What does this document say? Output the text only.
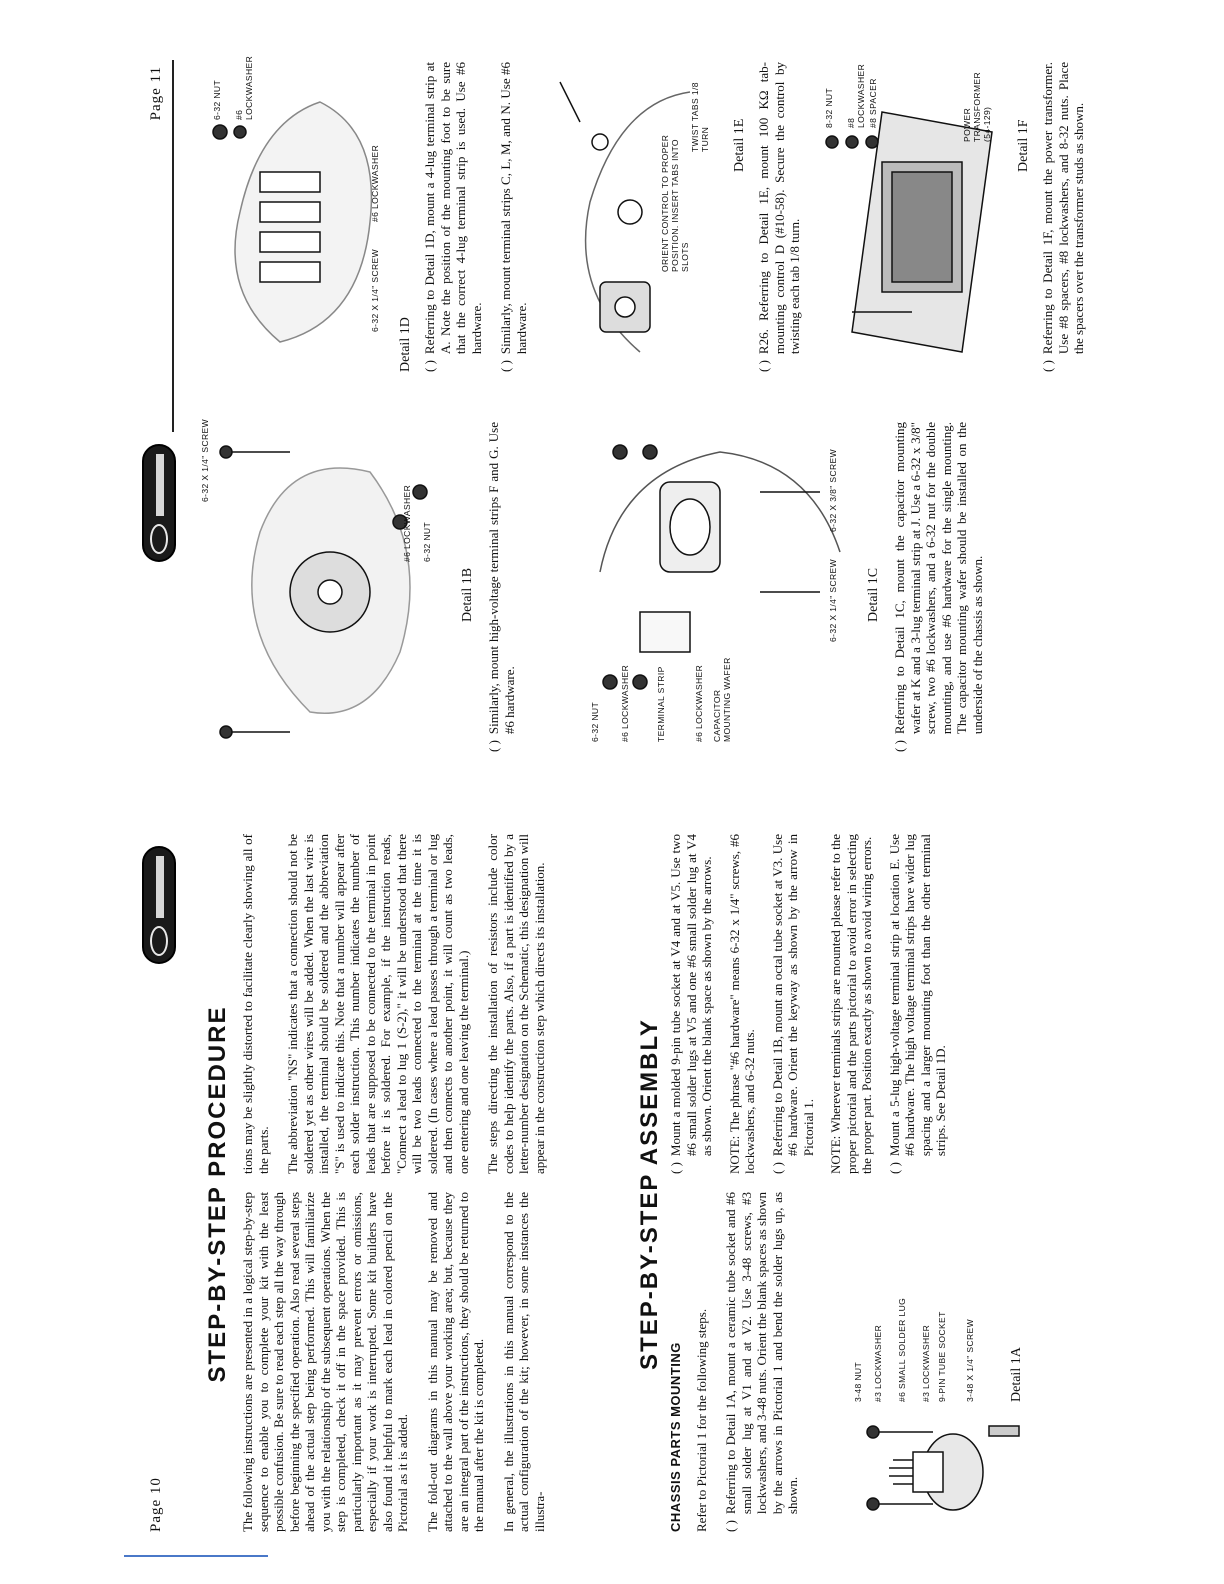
Page 10
STEP-BY-STEP PROCEDURE The following instructions are presented in a logical step-by-step sequence to enable you to complete your kit with the least possible confusion. Be sure to read each step all the way through before beginning the specified operation. Also read several steps ahead of the actual step being performed. This will familiarize you with the relationship of the subsequent operations. When the step is completed, check it off in the space provided. This is particularly important as it may prevent errors or omissions, especially if your work is interrupted. Some kit builders have also found it helpful to mark each lead in colored pencil on the Pictorial as it is added. The fold-out diagrams in this manual may be removed and attached to the wall above your working area; but, because they are an integral part of the instructions, they should be returned to the manual after the kit is completed. In general, the illustrations in this manual correspond to the actual configuration of the kit; however, in some instances the illustra-

tions may be slightly distorted to facilitate clearly showing all of the parts. The abbreviation "NS" indicates that a connection should not be soldered yet as other wires will be added. When the last wire is installed, the terminal should be soldered and the abbreviation "S" is used to indicate this. Note that a number will appear after each solder instruction. This number indicates the number of leads that are supposed to be connected to the terminal in point before it is soldered. For example, if the instruction reads, "Connect a lead to lug 1 (S-2)," it will be understood that there will be two leads connected to the terminal at the time it is soldered. (In cases where a lead passes through a terminal or lug and then connects to another point, it will count as two leads, one entering and one leaving the terminal.) The steps directing the installation of resistors include color codes to help identify the parts. Also, if a part is identified by a letter-number designation on the Schematic, this designation will appear in the construction step which directs its installation.	STEP-BY-STEP ASSEMBLY
CHASSIS PARTS MOUNTING Refer to Pictorial 1 for the following steps. ( )
Referring to Detail 1A, mount a ceramic tube socket and #6 small solder lug at V1 and at V2. Use 3-48 screws, #3 lockwashers, and 3-48 nuts. Orient the blank spaces as shown by the arrows in Pictorial 1 and bend the solder lugs up, as shown.
3-48 NUT #3 LOCKWASHER #6 SMALL SOLDER LUG #3 LOCKWASHER 9-PIN TUBE SOCKET 3-48 X 1/4" SCREW Detail 1A
( )
Mount a molded 9-pin tube socket at V4 and at V5. Use two #6 small solder lugs at V5 and one #6 small solder lug at V4 as shown. Orient the blank space as shown by the arrows. NOTE: The phrase "#6 hardware" means 6-32 x 1/4" screws, #6 lockwashers, and 6-32 nuts. ( )
Referring to Detail 1B, mount an octal tube socket at V3. Use #6 hardware. Orient the keyway as shown by the arrow in Pictorial 1. NOTE: Wherever terminals strips are mounted please refer to the proper pictorial and the parts pictorial to avoid error in selecting the proper part. Position exactly as shown to avoid wiring errors. ( )
Mount a 5-lug high-voltage terminal strip at location E. Use #6 hardware. The high voltage terminal strips have wider lug spacing and a larger mounting foot than the other terminal strips. See Detail 1D.
Page 11
6-32 X 1/4" SCREW
#6 LOCKWASHER 6-32 NUT
Detail 1B
( )
Similarly, mount high-voltage terminal strips F and G. Use #6 hardware.	6-32 NUT #6 LOCKWASHER	TERMINAL STRIP	#6 LOCKWASHER CAPACITOR MOUNTING WAFER
6-32 X 1/4" SCREW
6-32 X 3/8" SCREW
Detail 1C
( )
Referring to Detail 1C, mount the capacitor mounting wafer at K and a 3-lug terminal strip at J. Use a 6-32 x 3/8" screw, two #6 lockwashers, and a 6-32 nut for the double mounting, and use #6 hardware for the single mounting. The capacitor mounting wafer should be installed on the underside of the chassis as shown.
6-32 NUT #6 LOCKWASHER
#6 LOCKWASHER
6-32 X 1/4" SCREW
Detail 1D ( )
Referring to Detail 1D, mount a 4-lug terminal strip at A. Note the position of the mounting foot to be sure that the correct 4-lug terminal strip is used. Use #6 hardware.
( )
Similarly, mount terminal strips C, L, M, and N. Use #6 hardware.
ORIENT CONTROL TO PROPER POSITION. INSERT TABS INTO SLOTS
TWIST TABS 1/8 TURN Detail 1E
( )
R26. Referring to Detail 1E, mount 100 KΩ tab-mounting control D (#10-58). Secure the control by twisting each tab 1/8 turn.
8-32 NUT #8 LOCKWASHER #8 SPACER	POWER TRANSFORMER (54-129) Detail 1F
( )
Referring to Detail 1F, mount the power transformer. Use #8 spacers, #8 lockwashers, and 8-32 nuts. Place the spacers over the transformer studs as shown.
